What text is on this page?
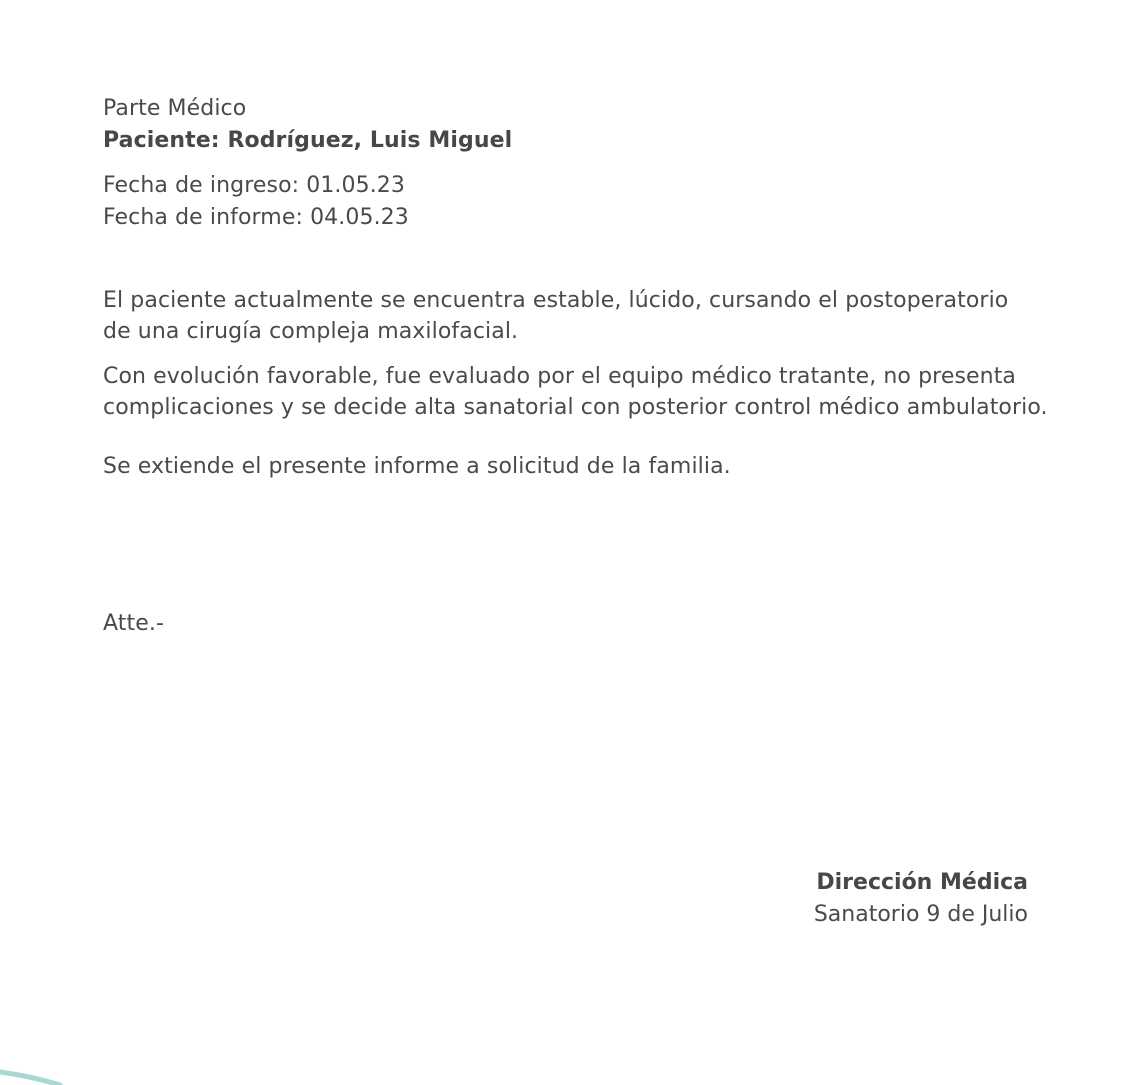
Parte Médico
Paciente: Rodríguez, Luis Miguel
Fecha de ingreso: 01.05.23
Fecha de informe: 04.05.23
El paciente actualmente se encuentra estable, lúcido, cursando el postoperatorio
de una cirugía compleja maxilofacial.
Con evolución favorable, fue evaluado por el equipo médico tratante, no presenta
complicaciones y se decide alta sanatorial con posterior control médico ambulatorio.
Se extiende el presente informe a solicitud de la familia.
Atte.-
Dirección Médica
Sanatorio 9 de Julio
